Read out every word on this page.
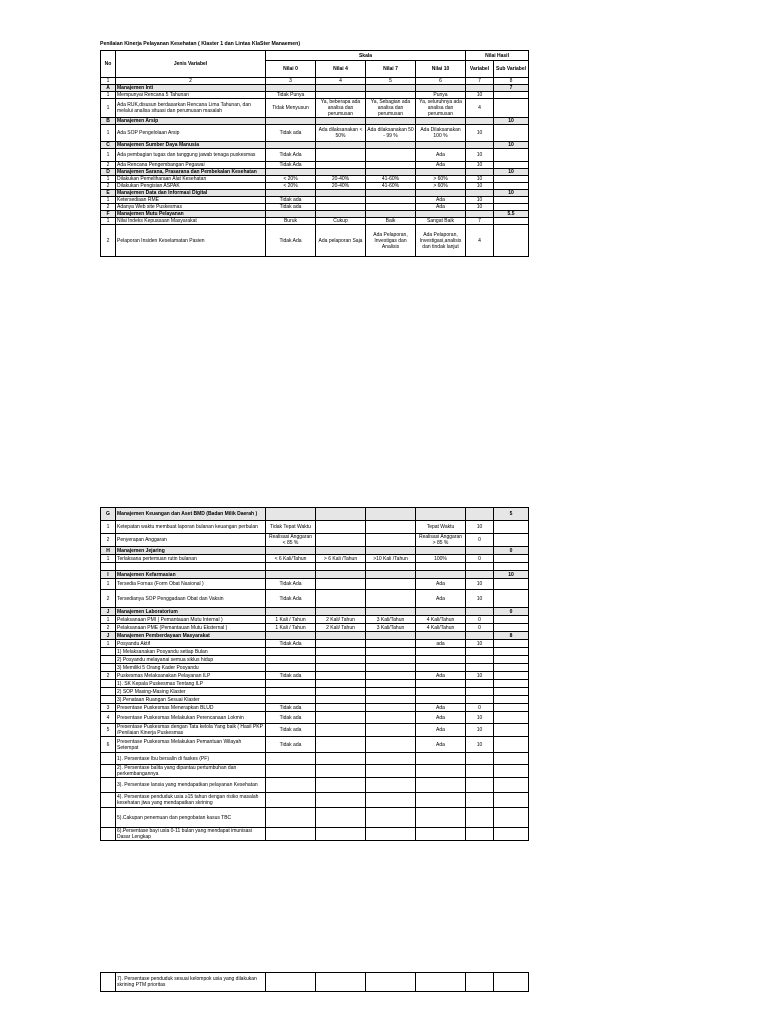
Penilaian Kinerja Pelayanan Kesehatan ( Klaster 1 dan Lintas KlaSter Manaemen)
No	Jenis Variabel	Skala				Nilai Hasil	
		Nilai 0	Nilai 4	Nilai 7	Nilai 10	Variabel	Sub Variabel
1	2	3	4	5	6	7	8
A	Manajemen Inti						7
1	Mempunyai Rencana 5 Tahunan	Tidak Punya			Punya	10	
1	Ada RUK,disusun berdasarkan Rencana Lima Tahunan, dan melalui analisa situasi dan perumusan masalah	Tidak Menyusun	Ya, beberapa ada analisa dan perumusan	Ya, Sebagian ada analisa dan perumusan	Ya, seluruhnya ada analisa dan perumusan	4	
B	Manajemen Arsip						10
1	Ada SOP Pengelolaan Arsip	Tidak ada	Ada dilaksanakan < 50%	Ada dilaksanakan 50 - 99 %	Ada Dilaksanakan 100 %	10	
C	Manajemen Sumber Daya Manusia						10
1	Ada pembagian tugas dan tanggung jawab tenaga puskesmas	Tidak Ada			Ada	10	
2	Ada Rencana Pengembangan Pegawai	Tidak Ada			Ada	10	
D	Manajemen Sarana, Prasarana dan Pembekalan Kesehatan						10
1	Dilakukan Pemeliharaan Alat Kesehatan	< 20%	20-40%	41-60%	> 60%	10	
2	Dilakukan Pengisian ASPAK	< 20%	20-40%	41-60%	> 60%	10	
E	Manajemen Data dan Informasi Digital						10
1	Ketersediaan RME	Tidak ada			Ada	10	
2	Adanya Web site Puskesmas	Tidak ada			Ada	10	
F	Manajemen Mutu Pelayanan						5.5
1	Nilai Indeks Kepuasaan Masyarakat	Buruk	Cukup	Baik	Sangat Baik	7	
2	Pelaporan Insiden Keselamatan Pasien	Tidak Ada	Ada pelaporan Saja	Ada Pelaporan, Investigas dan Analisis	Ada Pelaporan, Investigasi,analisis dan tindak lanjut	4	
G	Manajemen Keuangan dan Aset BMD (Badan Milik Daerah )						5
1	Ketepatan waktu membuat laporan bulanan keuangan perbulan	Tidak Tepat Waktu			Tepat Waktu	10	
2	Penyerapan Anggaran	Realisasi Anggaran < 85 %			Realisasi Anggaran > 85 %	0	
H	Manajemen Jejaring						0
1	Terlaksana pertemuan rutin bulanan	< 6 Kali/Tahun	> 6 Kali /Tahun	>10 Kali /Tahun	100%	0	

I	Manajemen Kefarmasian						10
1	Tersedia Fornas (Form Obat Nasional )	Tidak Ada			Ada	10	
2	Tersedianya SOP Penggadaan Obat dan Vaksin	Tidak Ada			Ada	10	
J	Manajemen Laboratorium						0
1	Pelaksanaan PMI ( Pemantauan Mutu Internal )	1 Kali / Tahun	2 Kali/ Tahun	3 Kali/Tahun	4 Kali/Tahun	0	
2	Pelaksanaan PME (Pemantauan Mutu Eksternal )	1 Kali / Tahun	2 Kali/ Tahun	3 Kali/Tahun	4 Kali/Tahun	0	
J	Manajemen Pemberdayaan Masyarakat						8
1	Posyandu Aktif	Tidak Ada			ada	10	
	1) Melaksanakan Posyandu setiap Bulan						
	2) Posyandu melayanai semua siklus hidup						
	3) Memiliki 5 Orang Kader Posyandu						
2	Puskesmas Melaksanakan Pelayanan ILP	Tidak ada			Ada	10	
	1). SK Kepala Puskesmas Tentang ILP						
	2) SOP Masing-Masing Klaster						
	3).Penataan Ruangan Sesuai Klaster						
3	Presentase Puskesmas Menerapkan BLUD	Tidak ada			Ada	0	
4	Presentase Puskesmas Melakukan Perencanaan Lokmin	Tidak ada			Ada	10	
5	Presentase Puskesmas dengan Tata kelola Yang baik ( Hasil PKP /Penilaian Kinerja Puskesmas	Tidak ada			Ada	10	
6	Presentase Puskesmas Melakukan Pemantuan Wilayah Setempat	Tidak ada			Ada	10	
	1). Persentase Ibu bersalin di faskes (PF)						
	2). Persentase balita yang dipantau pertumbuhan dan perkembangannya						
	3). Persentase lansia yang mendapatkan pelayanan Kesehatan						
	4). Persentase penduduk usia ≥15 tahun dengan risiko masalah kesehatan jiwa yang mendapatkan skrining						
	5).Cakupan penemuan dan pengobatan kasus TBC						
	6).Persentase bayi usia 0-11 bulan yang mendapat imunisasi Dasar Lengkap						
	7). Persentase penduduk sesuai kelompok usia yang dilakukan skrining PTM prioritas						
